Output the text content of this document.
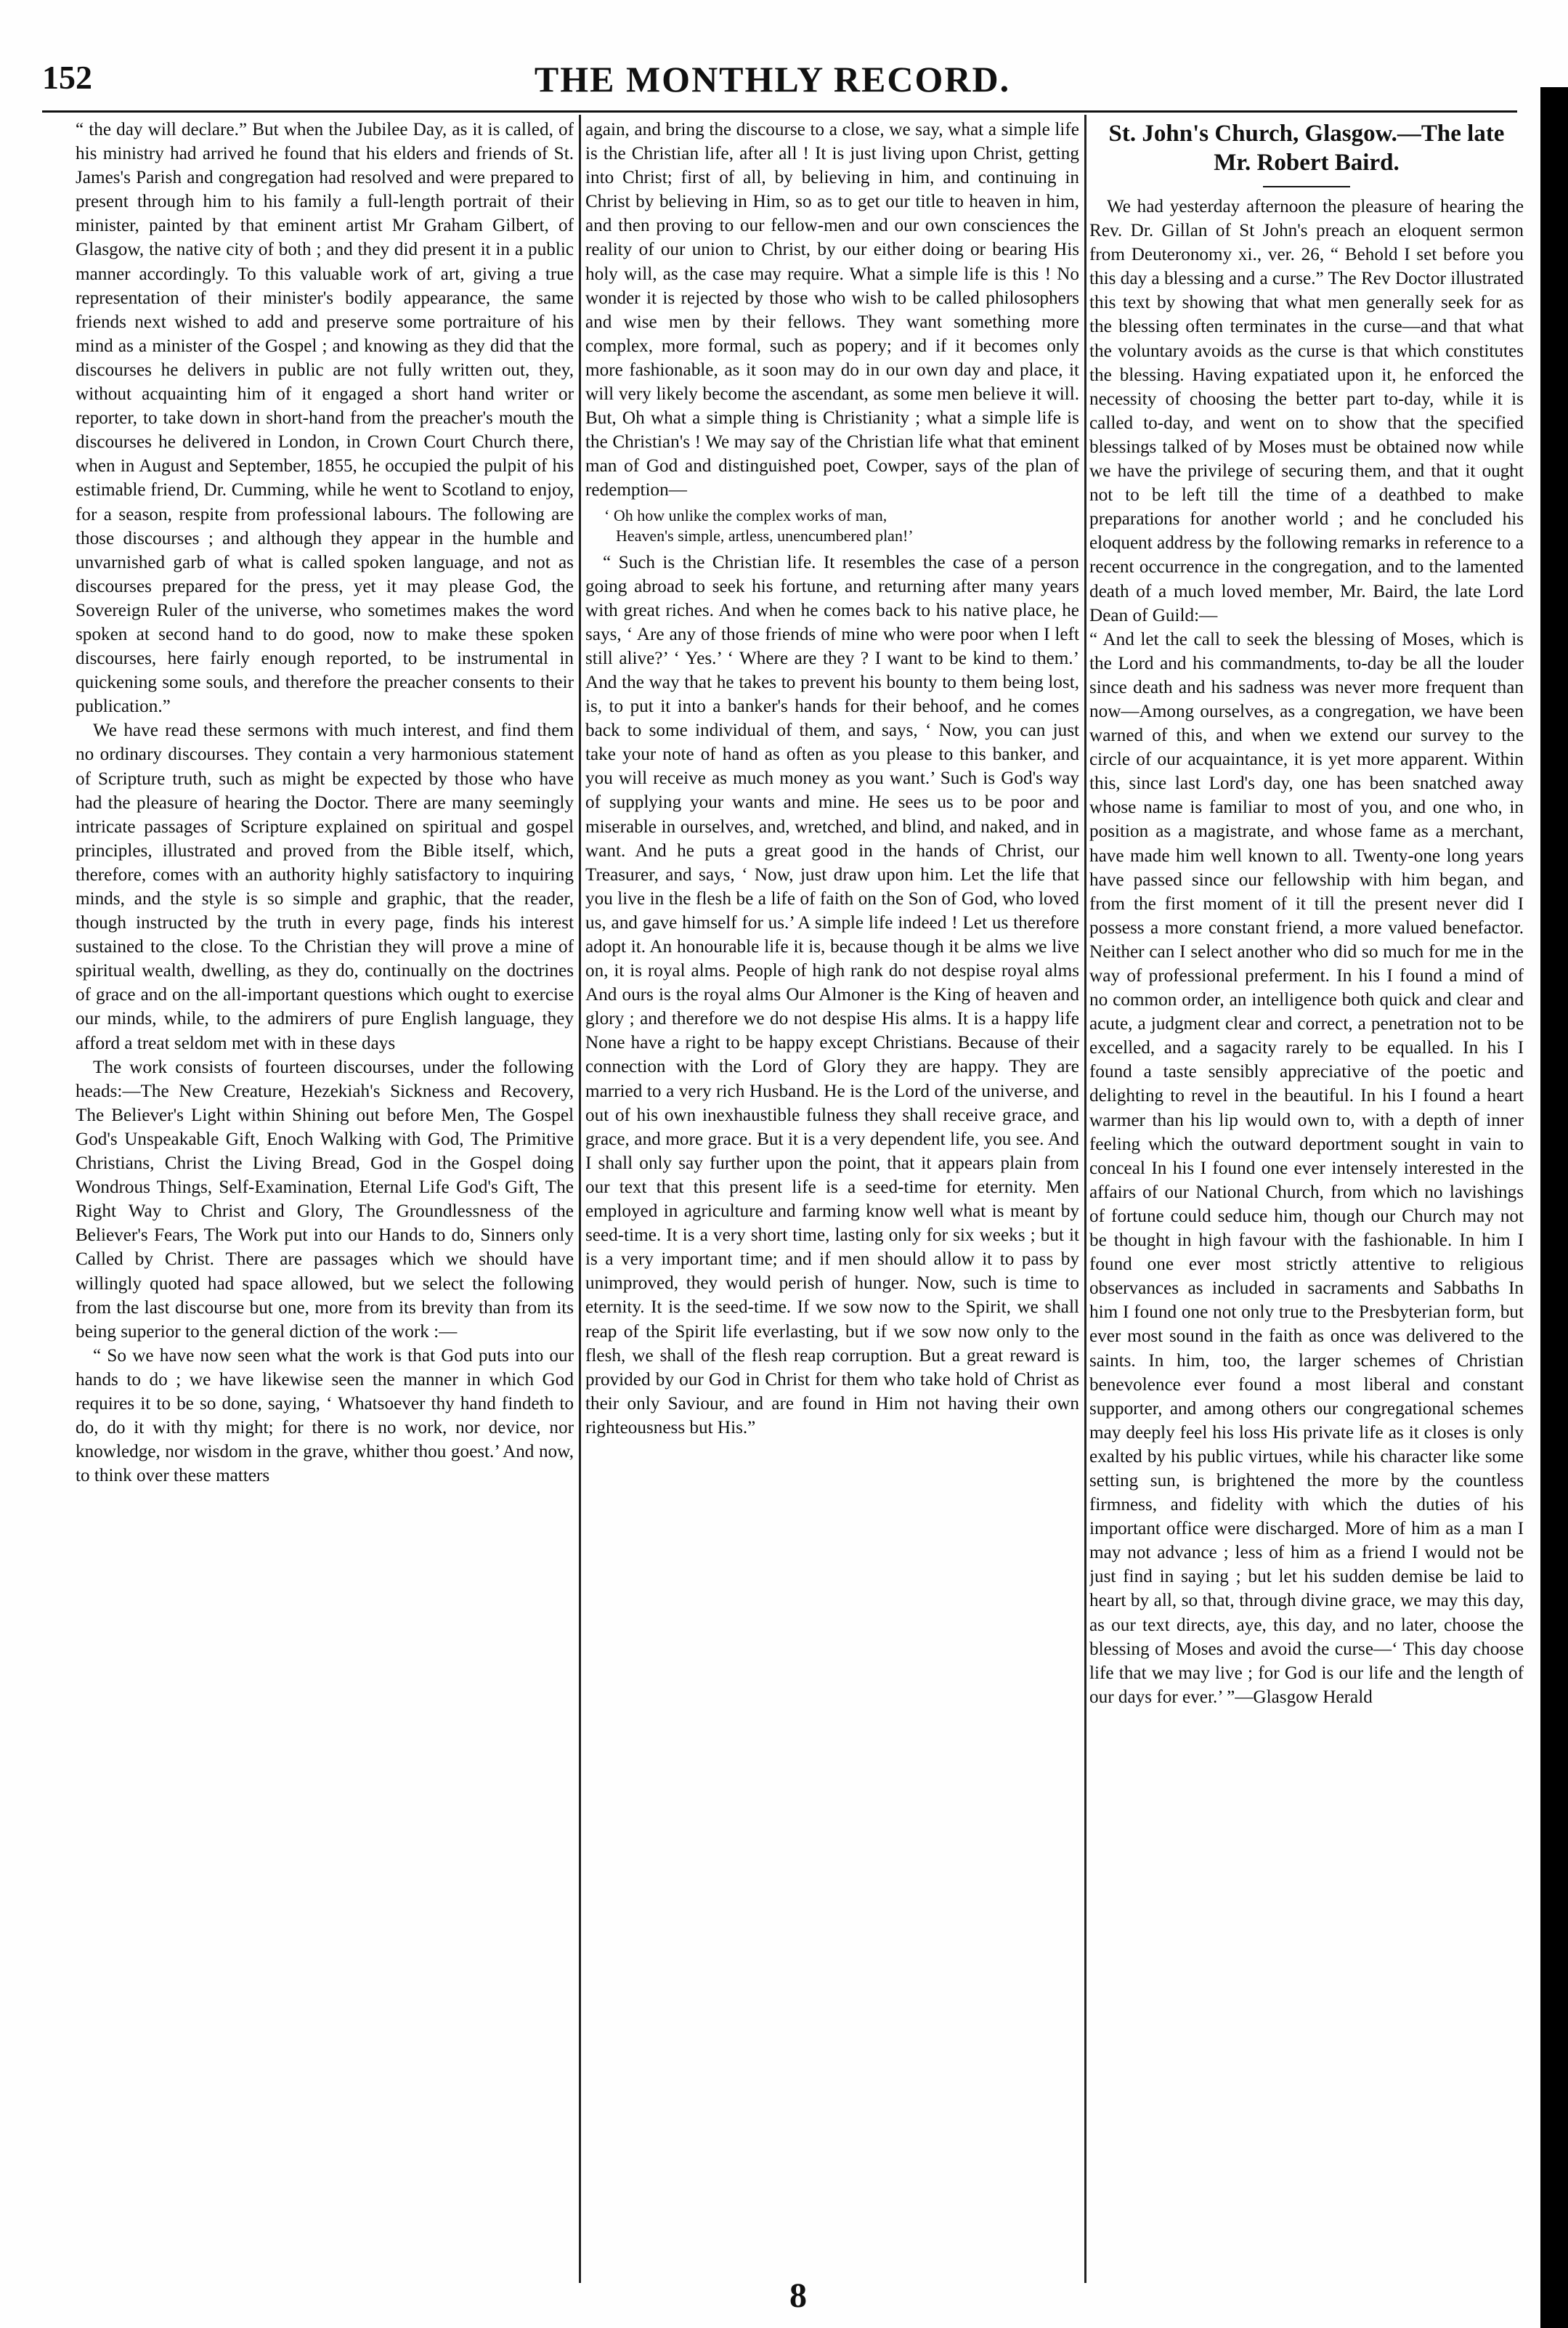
152	THE MONTHLY RECORD.

“ the day will declare.” But when the Jubilee Day, as it is called, of his ministry had arrived he found that his elders and friends of St. James's Parish and congregation had resolved and were prepared to present through him to his family a full-length portrait of their minister, painted by that eminent artist Mr Graham Gilbert, of Glasgow, the native city of both ; and they did present it in a public manner accordingly. To this valuable work of art, giving a true representation of their minister's bodily appearance, the same friends next wished to add and preserve some portraiture of his mind as a minister of the Gospel ; and knowing as they did that the discourses he delivers in public are not fully written out, they, without acquainting him of it engaged a short hand writer or reporter, to take down in short-hand from the preacher's mouth the discourses he delivered in London, in Crown Court Church there, when in August and September, 1855, he occupied the pulpit of his estimable friend, Dr. Cumming, while he went to Scotland to enjoy, for a season, respite from professional labours. The following are those discourses ; and although they appear in the humble and unvarnished garb of what is called spoken language, and not as discourses prepared for the press, yet it may please God, the Sovereign Ruler of the universe, who sometimes makes the word spoken at second hand to do good, now to make these spoken discourses, here fairly enough reported, to be instrumental in quickening some souls, and therefore the preacher consents to their publication.”

We have read these sermons with much interest, and find them no ordinary discourses. They contain a very harmonious statement of Scripture truth, such as might be expected by those who have had the pleasure of hearing the Doctor. There are many seemingly intricate passages of Scripture explained on spiritual and gospel principles, illustrated and proved from the Bible itself, which, therefore, comes with an authority highly satisfactory to inquiring minds, and the style is so simple and graphic, that the reader, though instructed by the truth in every page, finds his interest sustained to the close. To the Christian they will prove a mine of spiritual wealth, dwelling, as they do, continually on the doctrines of grace and on the all-important questions which ought to exercise our minds, while, to the admirers of pure English language, they afford a treat seldom met with in these days

The work consists of fourteen discourses, under the following heads:—The New Creature, Hezekiah's Sickness and Recovery, The Believer's Light within Shining out before Men, The Gospel God's Unspeakable Gift, Enoch Walking with God, The Primitive Christians, Christ the Living Bread, God in the Gospel doing Wondrous Things, Self-Examination, Eternal Life God's Gift, The Right Way to Christ and Glory, The Groundlessness of the Believer's Fears, The Work put into our Hands to do, Sinners only Called by Christ. There are passages which we should have willingly quoted had space allowed, but we select the following from the last discourse but one, more from its brevity than from its being superior to the general diction of the work :—

“ So we have now seen what the work is that God puts into our hands to do ; we have likewise seen the manner in which God requires it to be so done, saying, ‘ Whatsoever thy hand findeth to do, do it with thy might; for there is no work, nor device, nor knowledge, nor wisdom in the grave, whither thou goest.’ And now, to think over these matters

again, and bring the discourse to a close, we say, what a simple life is the Christian life, after all ! It is just living upon Christ, getting into Christ; first of all, by believing in him, and continuing in Christ by believing in Him, so as to get our title to heaven in him, and then proving to our fellow-men and our own consciences the reality of our union to Christ, by our either doing or bearing His holy will, as the case may require. What a simple life is this ! No wonder it is rejected by those who wish to be called philosophers and wise men by their fellows. They want something more complex, more formal, such as popery; and if it becomes only more fashionable, as it soon may do in our own day and place, it will very likely become the ascendant, as some men believe it will. But, Oh what a simple thing is Christianity ; what a simple life is the Christian's ! We may say of the Christian life what that eminent man of God and distinguished poet, Cowper, says of the plan of redemption—

‘ Oh how unlike the complex works of man,

Heaven's simple, artless, unencumbered plan!’

“ Such is the Christian life. It resembles the case of a person going abroad to seek his fortune, and returning after many years with great riches. And when he comes back to his native place, he says, ‘ Are any of those friends of mine who were poor when I left still alive?’ ‘ Yes.’ ‘ Where are they ? I want to be kind to them.’ And the way that he takes to prevent his bounty to them being lost, is, to put it into a banker's hands for their behoof, and he comes back to some individual of them, and says, ‘ Now, you can just take your note of hand as often as you please to this banker, and you will receive as much money as you want.’ Such is God's way of supplying your wants and mine. He sees us to be poor and miserable in ourselves, and, wretched, and blind, and naked, and in want. And he puts a great good in the hands of Christ, our Treasurer, and says, ‘ Now, just draw upon him. Let the life that you live in the flesh be a life of faith on the Son of God, who loved us, and gave himself for us.’ A simple life indeed ! Let us therefore adopt it. An honourable life it is, because though it be alms we live on, it is royal alms. People of high rank do not despise royal alms And ours is the royal alms Our Almoner is the King of heaven and glory ; and therefore we do not despise His alms. It is a happy life None have a right to be happy except Christians. Because of their connection with the Lord of Glory they are happy. They are married to a very rich Husband. He is the Lord of the universe, and out of his own inexhaustible fulness they shall receive grace, and grace, and more grace. But it is a very dependent life, you see. And I shall only say further upon the point, that it appears plain from our text that this present life is a seed-time for eternity. Men employed in agriculture and farming know well what is meant by seed-time. It is a very short time, lasting only for six weeks ; but it is a very important time; and if men should allow it to pass by unimproved, they would perish of hunger. Now, such is time to eternity. It is the seed-time. If we sow now to the Spirit, we shall reap of the Spirit life everlasting, but if we sow now only to the flesh, we shall of the flesh reap corruption. But a great reward is provided by our God in Christ for them who take hold of Christ as their only Saviour, and are found in Him not having their own righteousness but His.”

St. John's Church, Glasgow.—The late
Mr. Robert Baird.

We had yesterday afternoon the pleasure of hearing the Rev. Dr. Gillan of St John's preach an eloquent sermon from Deuteronomy xi., ver. 26, “ Behold I set before you this day a blessing and a curse.” The Rev Doctor illustrated this text by showing that what men generally seek for as the blessing often terminates in the curse—and that what the voluntary avoids as the curse is that which constitutes the blessing. Having expatiated upon it, he enforced the necessity of choosing the better part to-day, while it is called to-day, and went on to show that the specified blessings talked of by Moses must be obtained now while we have the privilege of securing them, and that it ought not to be left till the time of a deathbed to make preparations for another world ; and he concluded his eloquent address by the following remarks in reference to a recent occurrence in the congregation, and to the lamented death of a much loved member, Mr. Baird, the late Lord Dean of Guild:—

“ And let the call to seek the blessing of Moses, which is the Lord and his commandments, to-day be all the louder since death and his sadness was never more frequent than now—Among ourselves, as a congregation, we have been warned of this, and when we extend our survey to the circle of our acquaintance, it is yet more apparent. Within this, since last Lord's day, one has been snatched away whose name is familiar to most of you, and one who, in position as a magistrate, and whose fame as a merchant, have made him well known to all. Twenty-one long years have passed since our fellowship with him began, and from the first moment of it till the present never did I possess a more constant friend, a more valued benefactor. Neither can I select another who did so much for me in the way of professional preferment. In his I found a mind of no common order, an intelligence both quick and clear and acute, a judgment clear and correct, a penetration not to be excelled, and a sagacity rarely to be equalled. In his I found a taste sensibly appreciative of the poetic and delighting to revel in the beautiful. In his I found a heart warmer than his lip would own to, with a depth of inner feeling which the outward deportment sought in vain to conceal In his I found one ever intensely interested in the affairs of our National Church, from which no lavishings of fortune could seduce him, though our Church may not be thought in high favour with the fashionable. In him I found one ever most strictly attentive to religious observances as included in sacraments and Sabbaths In him I found one not only true to the Presbyterian form, but ever most sound in the faith as once was delivered to the saints. In him, too, the larger schemes of Christian benevolence ever found a most liberal and constant supporter, and among others our congregational schemes may deeply feel his loss His private life as it closes is only exalted by his public virtues, while his character like some setting sun, is brightened the more by the countless firmness, and fidelity with which the duties of his important office were discharged. More of him as a man I may not advance ; less of him as a friend I would not be just find in saying ; but let his sudden demise be laid to heart by all, so that, through divine grace, we may this day, as our text directs, aye, this day, and no later, choose the blessing of Moses and avoid the curse—‘ This day choose life that we may live ; for God is our life and the length of our days for ever.’ ”—Glasgow Herald

8
